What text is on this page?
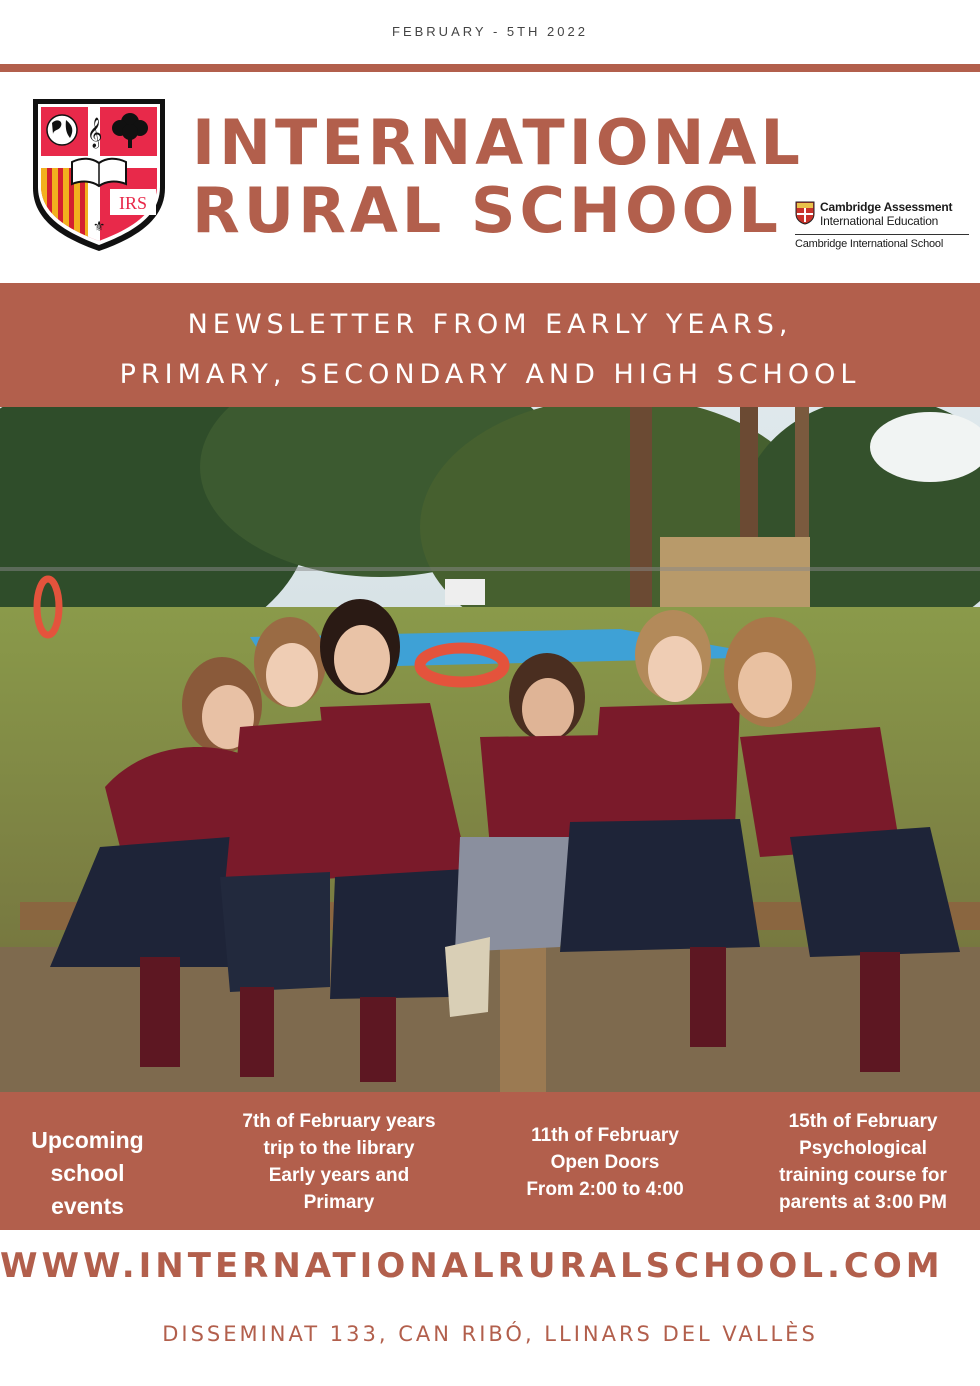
FEBRUARY - 5TH 2022
𝄞
IRS
⚜
INTERNATIONAL
RURAL SCHOOL	Cambridge Assessment
International Education
Cambridge International School
NEWSLETTER FROM EARLY YEARS,
PRIMARY, SECONDARY AND HIGH SCHOOL
Upcoming
school
events
7th of February years
trip to the library
Early years and
Primary
11th of February
Open Doors
From 2:00 to 4:00
15th of February
Psychological
training course for
parents at 3:00 PM
WWW.INTERNATIONALRURALSCHOOL.COM
DISSEMINAT 133, CAN RIBÓ, LLINARS DEL VALLÈS
